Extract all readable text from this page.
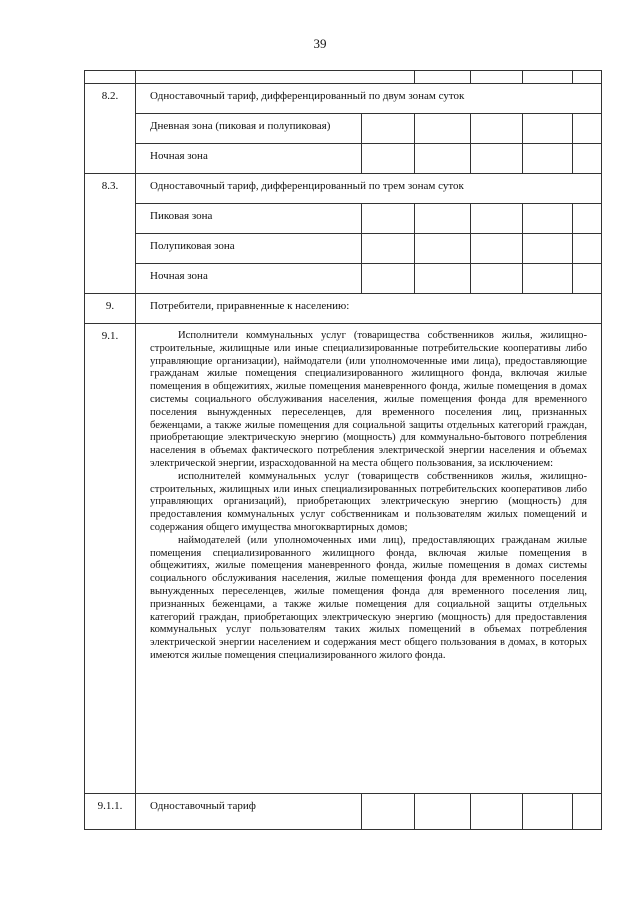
39

8.2.	Одноставочный тариф, дифференцированный по двум зонам суток					
	Дневная зона (пиковая и полупиковая)					
	Ночная зона					
8.3.	Одноставочный тариф, дифференцированный по трем зонам суток					
	Пиковая зона					
	Полупиковая зона					
	Ночная зона					
9.	Потребители, приравненные к населению:					
9.1.	Исполнители коммунальных услуг (товарищества собственников жилья, жилищно-строительные, жилищные или иные специализированные потребительские кооперативы либо управляющие организации), наймодатели (или уполномоченные ими лица), предоставляющие гражданам жилые помещения специализированного жилищного фонда, включая жилые помещения в общежитиях, жилые помещения маневренного фонда, жилые помещения в домах системы социального обслуживания населения, жилые помещения фонда для временного поселения вынужденных переселенцев, для временного поселения лиц, признанных беженцами, а также жилые помещения для социальной защиты отдельных категорий граждан, приобретающие электрическую энергию (мощность) для коммунально-бытового потребления населения в объемах фактического потребления электрической энергии населения и объемах электрической энергии, израсходованной на места общего пользования, за исключением:

исполнителей коммунальных услуг (товариществ собственников жилья, жилищно-строительных, жилищных или иных специализированных потребительских кооперативов либо управляющих организаций), приобретающих электрическую энергию (мощность) для предоставления коммунальных услуг собственникам и пользователям жилых помещений и содержания общего имущества многоквартирных домов;

наймодателей (или уполномоченных ими лиц), предоставляющих гражданам жилые помещения специализированного жилищного фонда, включая жилые помещения в общежитиях, жилые помещения маневренного фонда, жилые помещения в домах системы социального обслуживания населения, жилые помещения фонда для временного поселения вынужденных переселенцев, жилые помещения фонда для временного поселения лиц, признанных беженцами, а также жилые помещения для социальной защиты отдельных категорий граждан, приобретающих электрическую энергию (мощность) для предоставления коммунальных услуг пользователям таких жилых помещений в объемах потребления электрической энергии населением и содержания мест общего пользования в домах, в которых имеются жилые помещения специализированного жилого фонда.					

9.1.1.	Одноставочный тариф					
